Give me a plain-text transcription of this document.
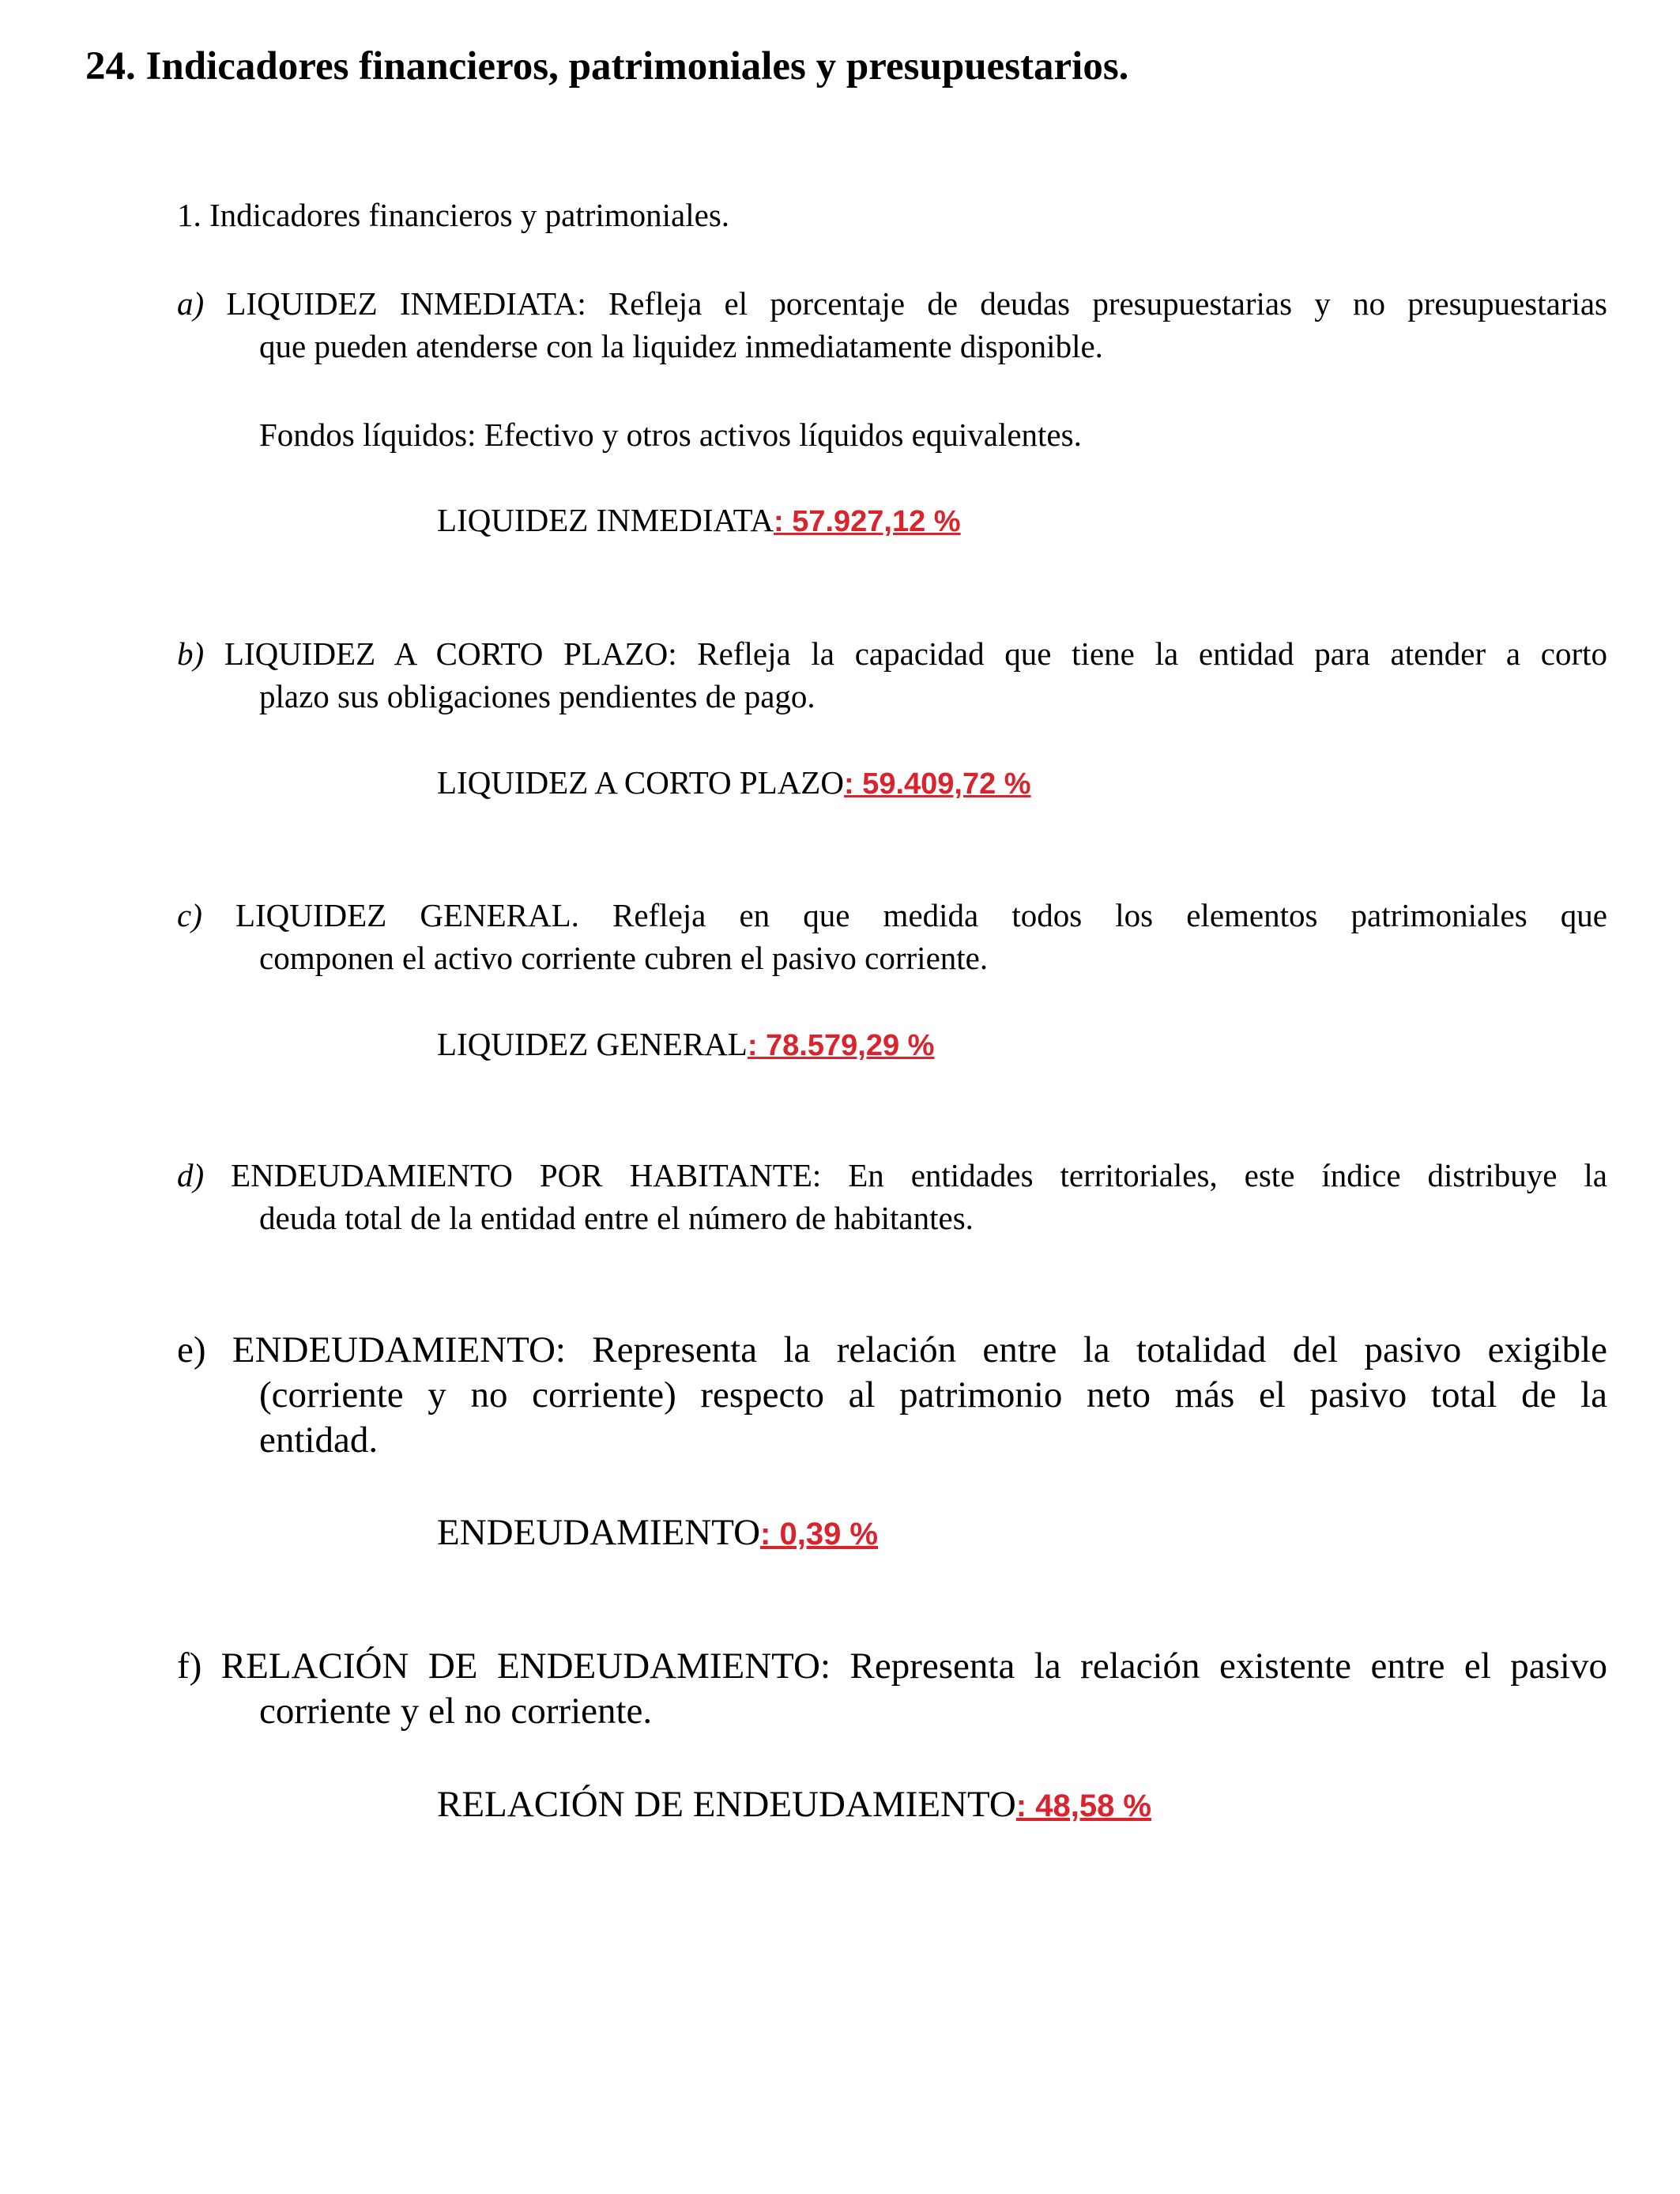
24. Indicadores financieros, patrimoniales y presupuestarios.
1. Indicadores financieros y patrimoniales.
a) LIQUIDEZ INMEDIATA: Refleja el porcentaje de deudas presupuestarias y no presupuestarias
que pueden atenderse con la liquidez inmediatamente disponible.
Fondos líquidos: Efectivo y otros activos líquidos equivalentes.
LIQUIDEZ INMEDIATA: 57.927,12 %
b) LIQUIDEZ A CORTO PLAZO: Refleja la capacidad que tiene la entidad para atender a corto
plazo sus obligaciones pendientes de pago.
LIQUIDEZ A CORTO PLAZO: 59.409,72 %
c) LIQUIDEZ GENERAL. Refleja en que medida todos los elementos patrimoniales que
componen el activo corriente cubren el pasivo corriente.
LIQUIDEZ GENERAL: 78.579,29 %
d) ENDEUDAMIENTO POR HABITANTE: En entidades territoriales, este índice distribuye la
deuda total de la entidad entre el número de habitantes.
e) ENDEUDAMIENTO: Representa la relación entre la totalidad del pasivo exigible
(corriente y no corriente) respecto al patrimonio neto más el pasivo total de la
entidad.
ENDEUDAMIENTO: 0,39 %
f) RELACIÓN DE ENDEUDAMIENTO: Representa la relación existente entre el pasivo
corriente y el no corriente.
RELACIÓN DE ENDEUDAMIENTO: 48,58 %
